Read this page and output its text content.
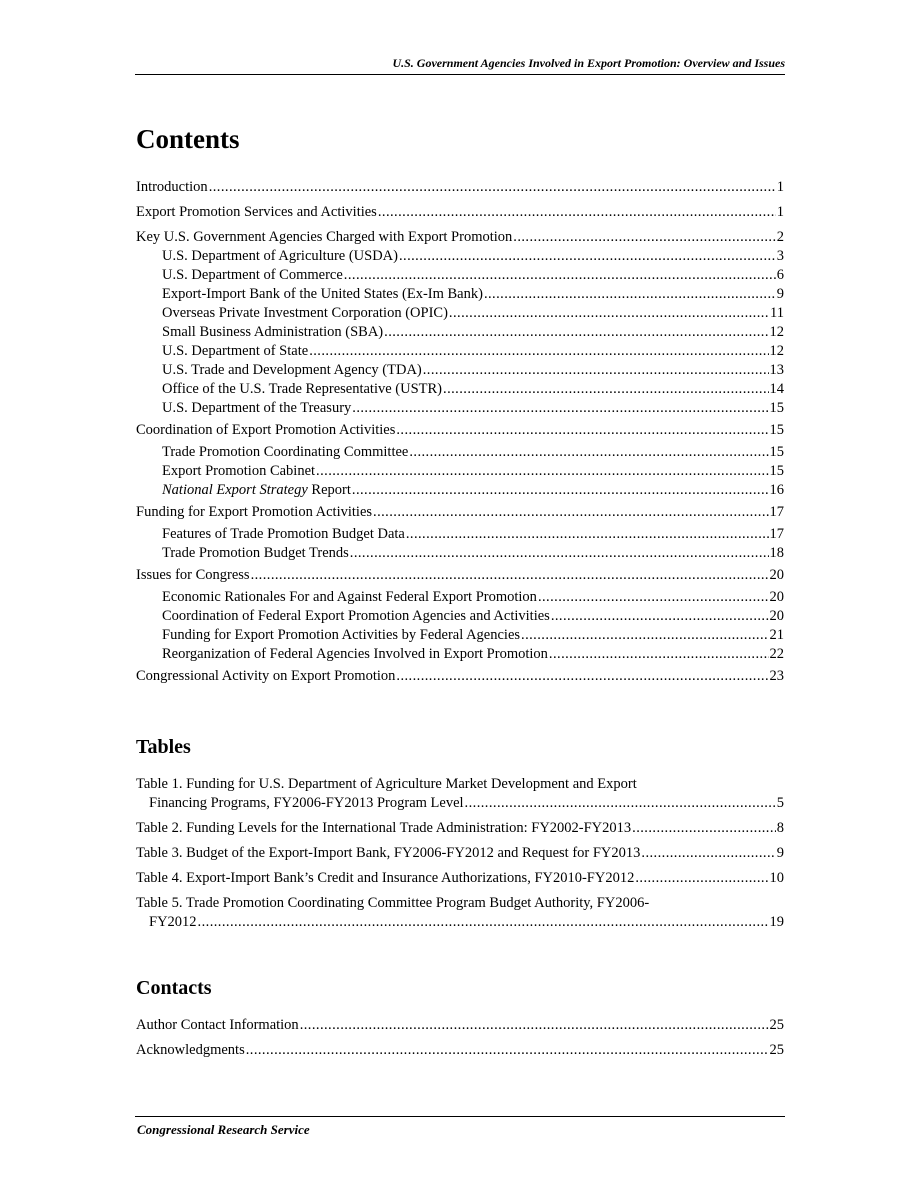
U.S. Government Agencies Involved in Export Promotion: Overview and Issues
Contents
Introduction . . .	1
Export Promotion Services and Activities . . .	1
Key U.S. Government Agencies Charged with Export Promotion . . .	2
U.S. Department of Agriculture (USDA) . . .	3
U.S. Department of Commerce . . .	6
Export-Import Bank of the United States (Ex-Im Bank) . . .	9
Overseas Private Investment Corporation (OPIC) . . .	11
Small Business Administration (SBA) . . .	12
U.S. Department of State . . .	12
U.S. Trade and Development Agency (TDA) . . .	13
Office of the U.S. Trade Representative (USTR) . . .	14
U.S. Department of the Treasury . . .	15
Coordination of Export Promotion Activities . . .	15
Trade Promotion Coordinating Committee . . .	15
Export Promotion Cabinet . . .	15
National Export Strategy Report . . .	16
Funding for Export Promotion Activities . . .	17
Features of Trade Promotion Budget Data . . .	17
Trade Promotion Budget Trends . . .	18
Issues for Congress . . .	20
Economic Rationales For and Against Federal Export Promotion . . .	20
Coordination of Federal Export Promotion Agencies and Activities . . .	20
Funding for Export Promotion Activities by Federal Agencies . . .	21
Reorganization of Federal Agencies Involved in Export Promotion . . .	22
Congressional Activity on Export Promotion . . .	23
Tables
Table 1. Funding for U.S. Department of Agriculture Market Development and Export
Financing Programs, FY2006-FY2013 Program Level . . .	5
Table 2. Funding Levels for the International Trade Administration: FY2002-FY2013 . . .	8
Table 3. Budget of the Export-Import Bank, FY2006-FY2012 and Request for FY2013 . . .	9
Table 4. Export-Import Bank’s Credit and Insurance Authorizations, FY2010-FY2012 . . .	10
Table 5. Trade Promotion Coordinating Committee Program Budget Authority, FY2006-
FY2012 . . .	19
Contacts
Author Contact Information . . .	25
Acknowledgments . . .	25
Congressional Research Service
